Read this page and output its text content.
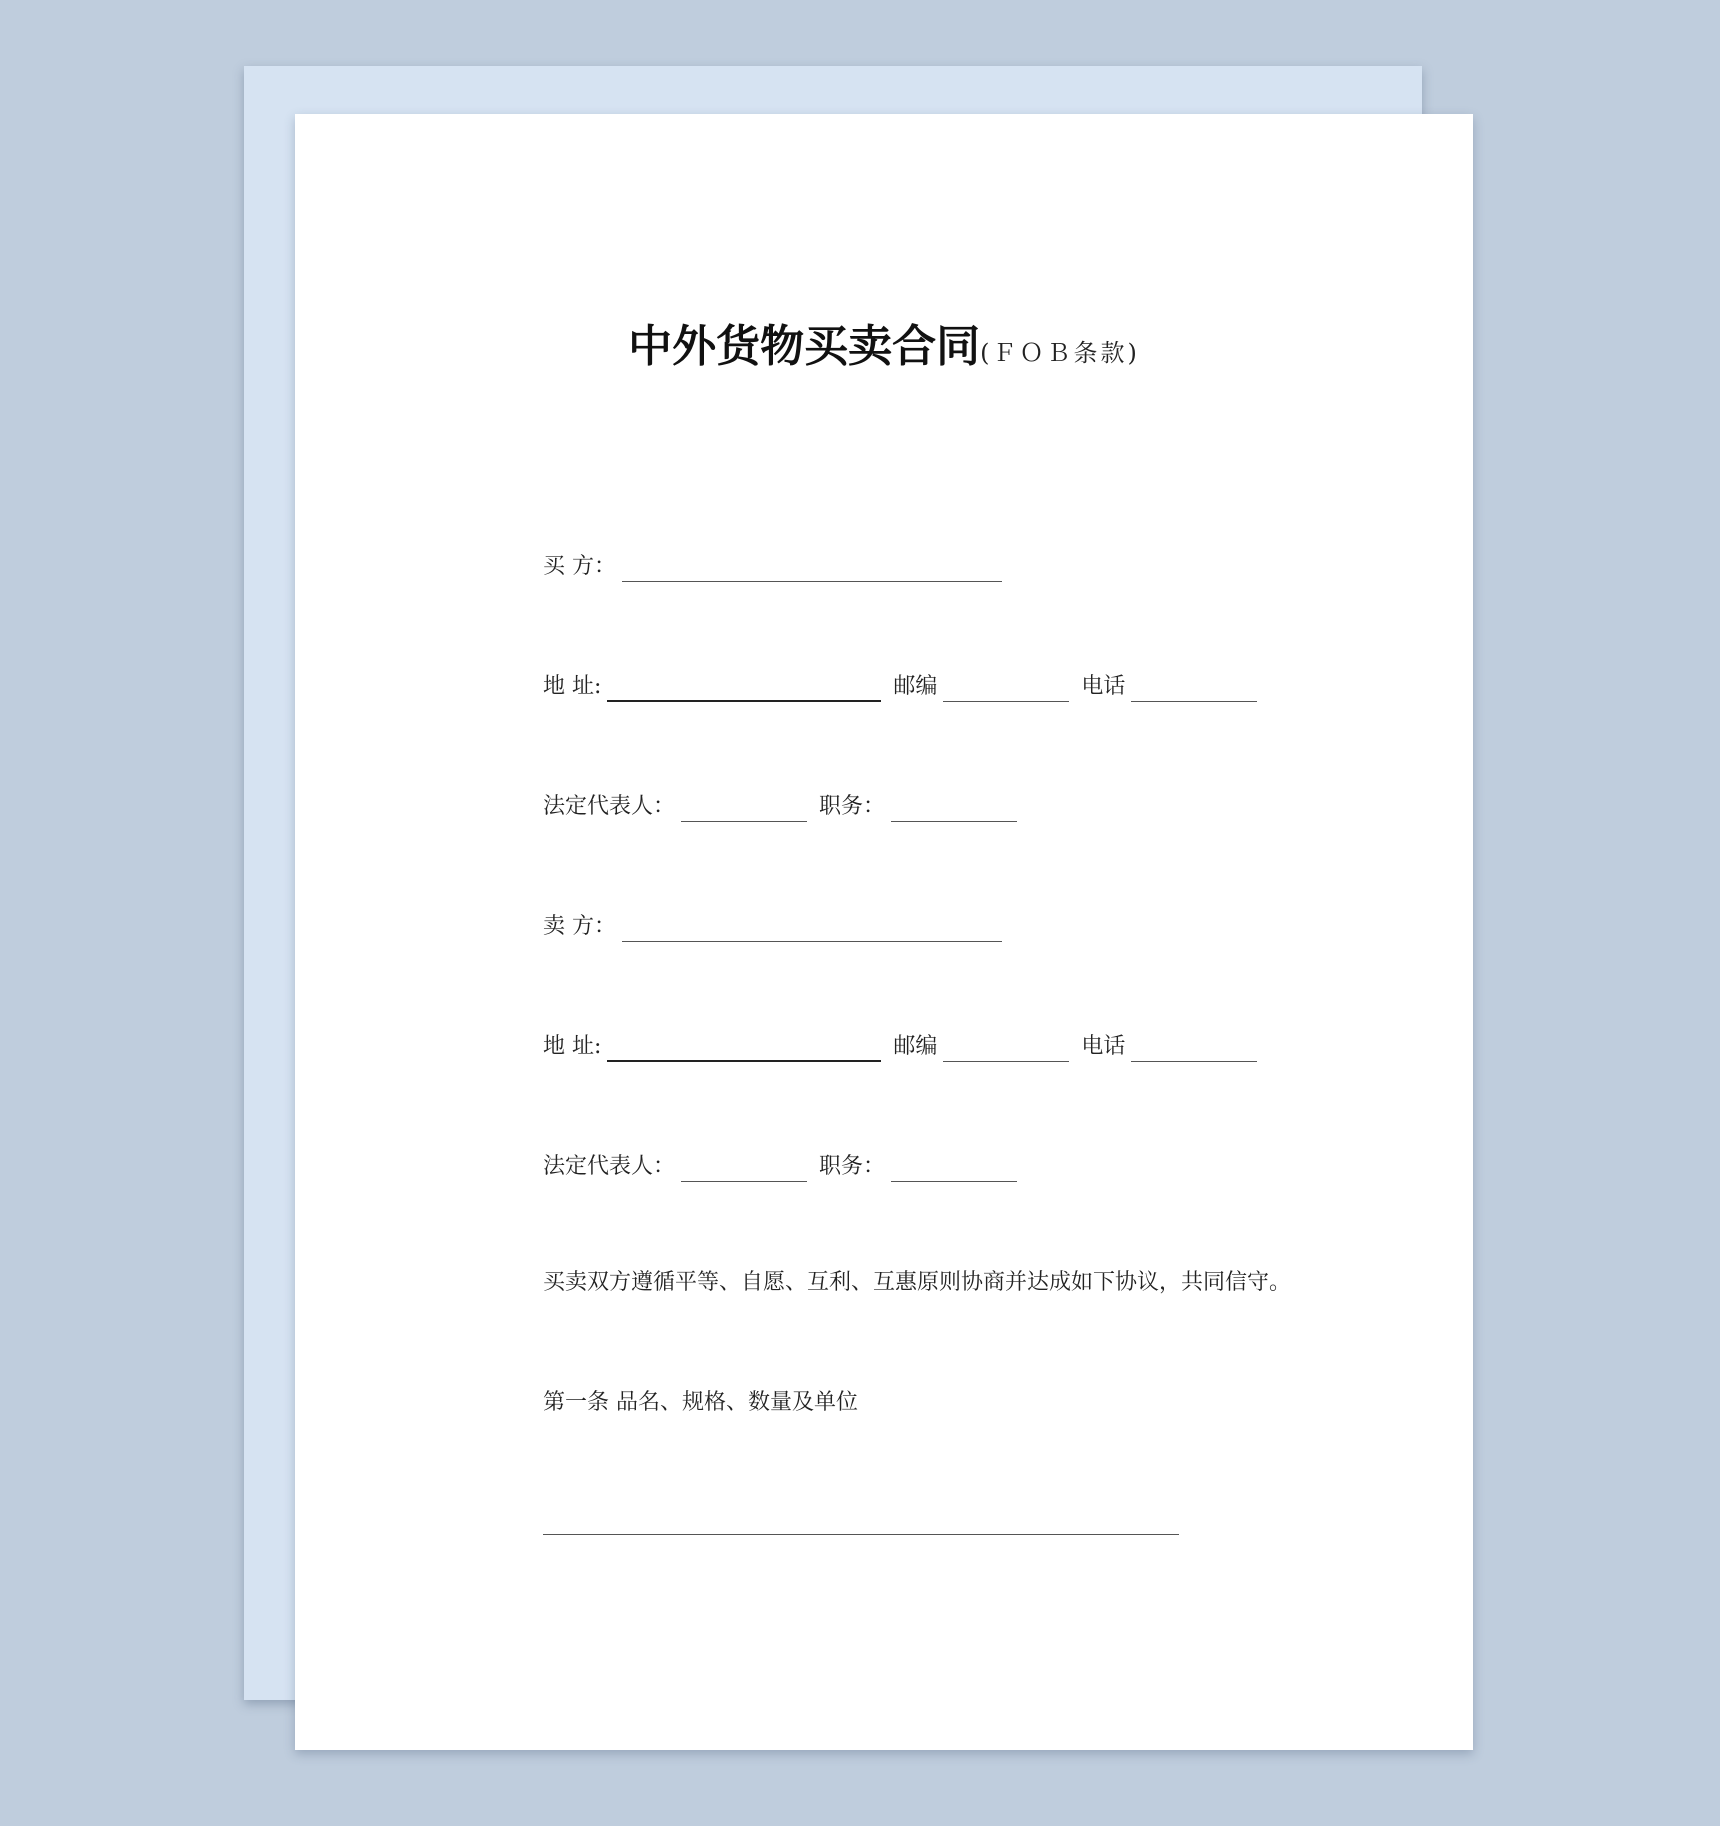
中外货物买卖合同(ＦＯＢ条款)
买 方：
地 址:	邮编	电话
法定代表人：	职务：
卖 方：
地 址:	邮编	电话
法定代表人：	职务：
买卖双方遵循平等、自愿、互利、互惠原则协商并达成如下协议，共同信守。
第一条 品名、规格、数量及单位
